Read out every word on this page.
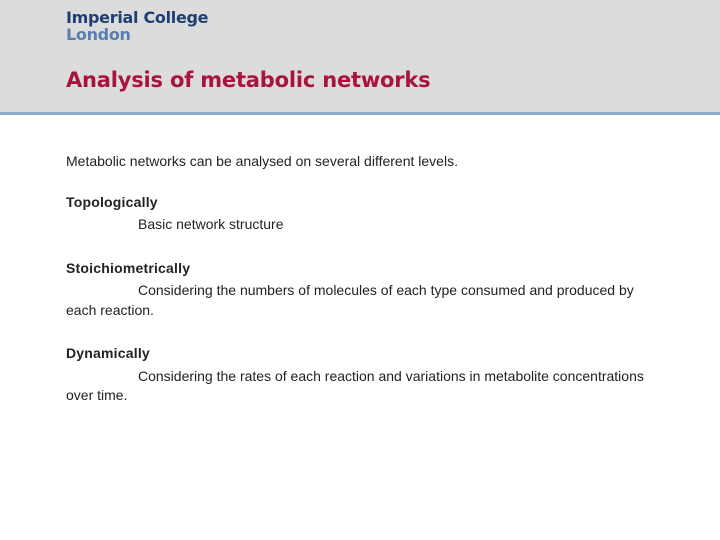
Imperial College
London
Analysis of metabolic networks

Metabolic networks can be analysed on several different levels.

Topologically

Basic network structure

Stoichiometrically

Considering the numbers of molecules of each type consumed and produced by each reaction.

Dynamically

Considering the rates of each reaction and variations in metabolite concentrations over time.
